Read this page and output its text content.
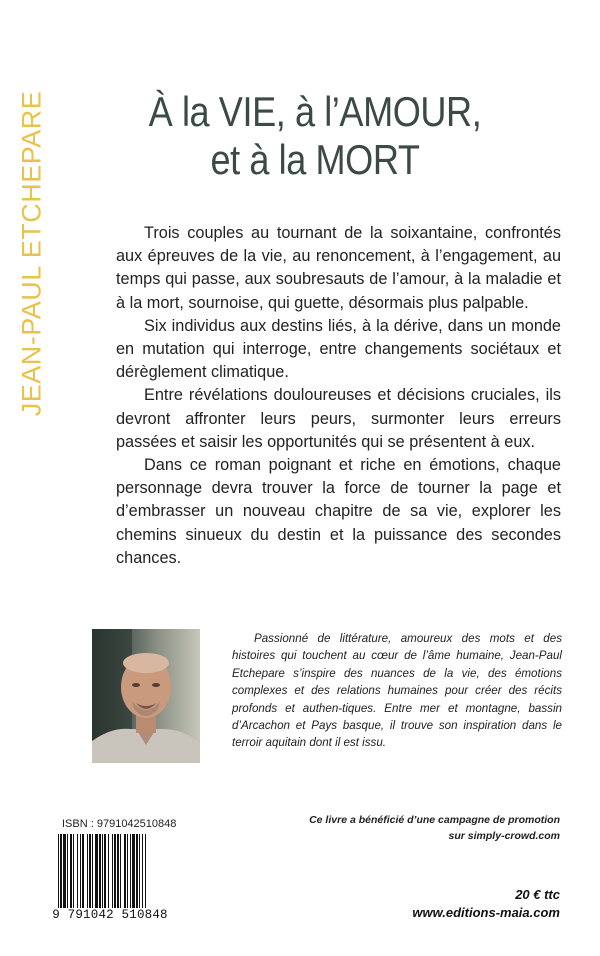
JEAN-PAUL ETCHEPARE	À la VIE, à l’AMOUR,
et à la MORT

Trois couples au tournant de la soixantaine, confrontés aux épreuves de la vie, au renoncement, à l’engagement, au temps qui passe, aux soubresauts de l’amour, à la maladie et à la mort, sournoise, qui guette, désormais plus palpable.

Six individus aux destins liés, à la dérive, dans un monde en mutation qui interroge, entre changements sociétaux et dérèglement climatique.

Entre révélations douloureuses et décisions cruciales, ils devront affronter leurs peurs, surmonter leurs erreurs passées et saisir les opportunités qui se présentent à eux.

Dans ce roman poignant et riche en émotions, chaque personnage devra trouver la force de tourner la page et d’embrasser un nouveau chapitre de sa vie, explorer les chemins sinueux du destin et la puissance des secondes chances.

Passionné de littérature, amoureux des mots et des histoires qui touchent au cœur de l’âme humaine, Jean-Paul Etchepare s’inspire des nuances de la vie, des émotions complexes et des relations humaines pour créer des récits profonds et authen-tiques. Entre mer et montagne, bassin d’Arcachon et Pays basque, il trouve son inspiration dans le terroir aquitain dont il est issu.

ISBN : 9791042510848
9 791042 510848
Ce livre a bénéficié d’une campagne de promotion
sur simply-crowd.com
20 € ttc
www.editions-maia.com
